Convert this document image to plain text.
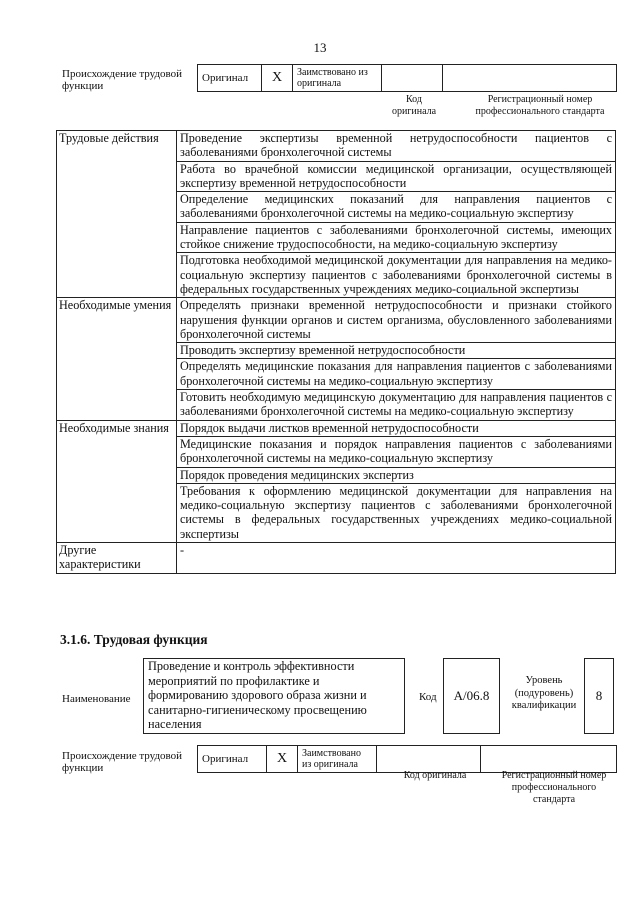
13
Происхождение трудовой функции
Оригинал	X	Заимствовано из оригинала		
Код оригинала
Регистрационный номер профессионального стандарта
Трудовые действия	Проведение экспертизы временной нетрудоспособности пациентов с заболеваниями бронхолегочной системы
	Работа во врачебной комиссии медицинской организации, осуществляющей экспертизу временной нетрудоспособности
	Определение медицинских показаний для направления пациентов с заболеваниями бронхолегочной системы на медико-социальную экспертизу
	Направление пациентов с заболеваниями бронхолегочной системы, имеющих стойкое снижение трудоспособности, на медико-социальную экспертизу
	Подготовка необходимой медицинской документации для направления на медико-социальную экспертизу пациентов с заболеваниями бронхолегочной системы в федеральных государственных учреждениях медико-социальной экспертизы
Необходимые умения	Определять признаки временной нетрудоспособности и признаки стойкого нарушения функции органов и систем организма, обусловленного заболеваниями бронхолегочной системы
	Проводить экспертизу временной нетрудоспособности
	Определять медицинские показания для направления пациентов с заболеваниями бронхолегочной системы на медико-социальную экспертизу
	Готовить необходимую медицинскую документацию для направления пациентов с заболеваниями бронхолегочной системы на медико-социальную экспертизу
Необходимые знания	Порядок выдачи листков временной нетрудоспособности
	Медицинские показания и порядок направления пациентов с заболеваниями бронхолегочной системы на медико-социальную экспертизу
	Порядок проведения медицинских экспертиз
	Требования к оформлению медицинской документации для направления на медико-социальную экспертизу пациентов с заболеваниями бронхолегочной системы в федеральных государственных учреждениях медико-социальной экспертизы
Другие характеристики	-
3.1.6. Трудовая функция
Наименование
Проведение и контроль эффективности мероприятий по профилактике и формированию здорового образа жизни и санитарно-гигиеническому просвещению населения
Код	А/06.8
Уровень (подуровень) квалификации
8
Происхождение трудовой функции
Оригинал	X	Заимствовано из оригинала		
Код оригинала	Регистрационный номер профессионального стандарта
